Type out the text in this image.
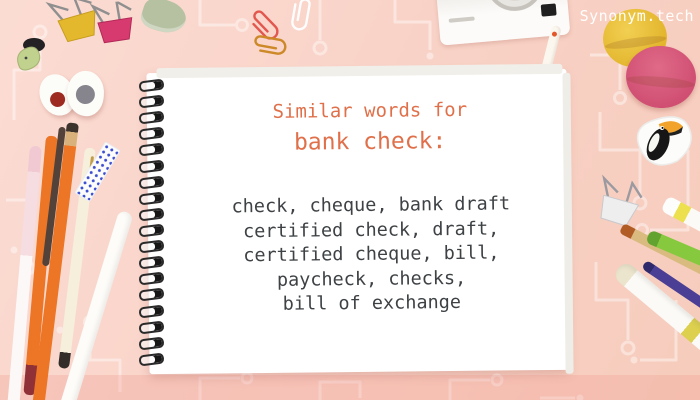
Synonym.tech
Similar words for
bank check:
check, cheque, bank draft
certified check, draft,
certified cheque, bill,
paycheck, checks,
bill of exchange
